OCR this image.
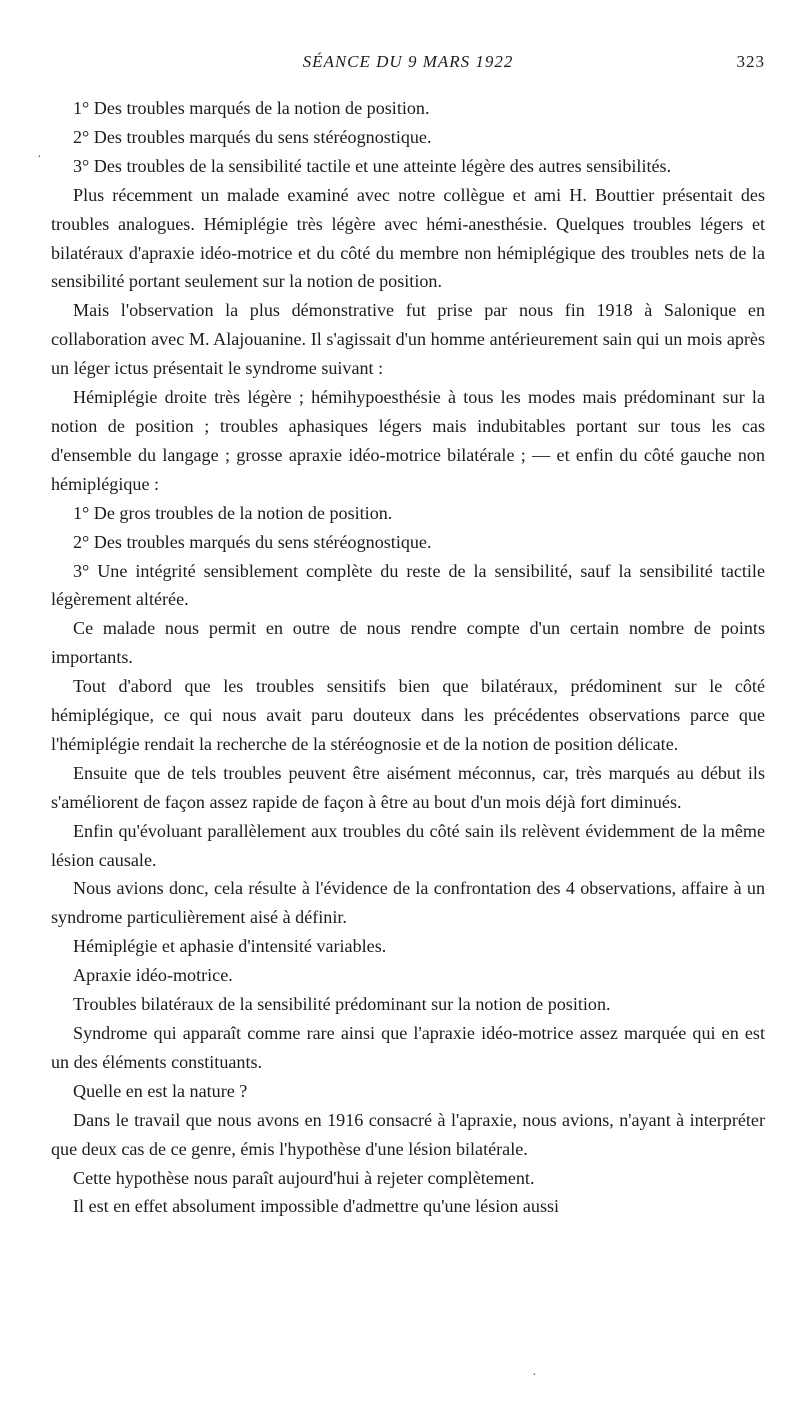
SÉANCE DU 9 MARS 1922	323

1° Des troubles marqués de la notion de position.

2° Des troubles marqués du sens stéréognostique.

3° Des troubles de la sensibilité tactile et une atteinte légère des autres sensibilités.

Plus récemment un malade examiné avec notre collègue et ami H. Bouttier présentait des troubles analogues. Hémiplégie très légère avec hémi-anesthésie. Quelques troubles légers et bilatéraux d'apraxie idéo-motrice et du côté du membre non hémiplégique des troubles nets de la sensibilité portant seulement sur la notion de position.

Mais l'observation la plus démonstrative fut prise par nous fin 1918 à Salonique en collaboration avec M. Alajouanine. Il s'agissait d'un homme antérieurement sain qui un mois après un léger ictus présentait le syndrome suivant :

Hémiplégie droite très légère ; hémihypoesthésie à tous les modes mais prédominant sur la notion de position ; troubles aphasiques légers mais indubitables portant sur tous les cas d'ensemble du langage ; grosse apraxie idéo-motrice bilatérale ; — et enfin du côté gauche non hémiplégique :

1° De gros troubles de la notion de position.

2° Des troubles marqués du sens stéréognostique.

3° Une intégrité sensiblement complète du reste de la sensibilité, sauf la sensibilité tactile légèrement altérée.

Ce malade nous permit en outre de nous rendre compte d'un certain nombre de points importants.

Tout d'abord que les troubles sensitifs bien que bilatéraux, prédominent sur le côté hémiplégique, ce qui nous avait paru douteux dans les précédentes observations parce que l'hémiplégie rendait la recherche de la stéréognosie et de la notion de position délicate.

Ensuite que de tels troubles peuvent être aisément méconnus, car, très marqués au début ils s'améliorent de façon assez rapide de façon à être au bout d'un mois déjà fort diminués.

Enfin qu'évoluant parallèlement aux troubles du côté sain ils relèvent évidemment de la même lésion causale.

Nous avions donc, cela résulte à l'évidence de la confrontation des 4 observations, affaire à un syndrome particulièrement aisé à définir.

Hémiplégie et aphasie d'intensité variables.

Apraxie idéo-motrice.

Troubles bilatéraux de la sensibilité prédominant sur la notion de position.

Syndrome qui apparaît comme rare ainsi que l'apraxie idéo-motrice assez marquée qui en est un des éléments constituants.

Quelle en est la nature ?

Dans le travail que nous avons en 1916 consacré à l'apraxie, nous avions, n'ayant à interpréter que deux cas de ce genre, émis l'hypothèse d'une lésion bilatérale.

Cette hypothèse nous paraît aujourd'hui à rejeter complètement.

Il est en effet absolument impossible d'admettre qu'une lésion aussi

·
·
